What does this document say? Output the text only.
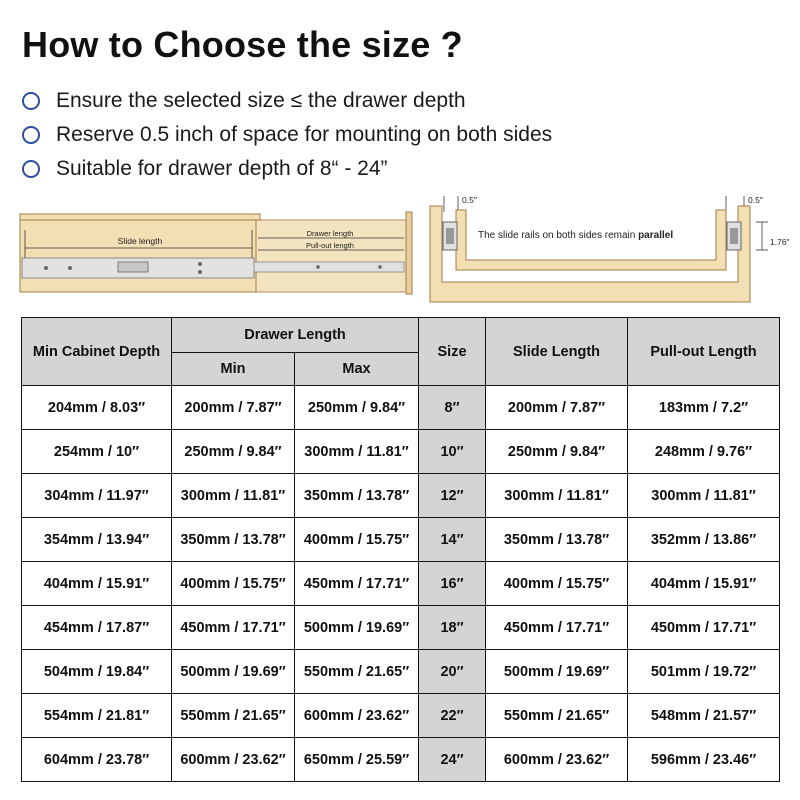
How to Choose the size ?
Ensure the selected size ≤ the drawer depth
Reserve 0.5 inch of space for mounting on both sides
Suitable for drawer depth of 8“ - 24”
Slide length
Drawer length
Pull-out length
0.5″	0.5″
1.76″
The slide rails on both sides remain parallel
Min Cabinet Depth	Drawer Length		Size	Slide Length	Pull-out Length
	Min	Max			
204mm / 8.03″	200mm / 7.87″	250mm / 9.84″	8″	200mm / 7.87″	183mm / 7.2″
254mm / 10″	250mm / 9.84″	300mm / 11.81″	10″	250mm / 9.84″	248mm / 9.76″
304mm / 11.97″	300mm / 11.81″	350mm / 13.78″	12″	300mm / 11.81″	300mm / 11.81″
354mm / 13.94″	350mm / 13.78″	400mm / 15.75″	14″	350mm / 13.78″	352mm / 13.86″
404mm / 15.91″	400mm / 15.75″	450mm / 17.71″	16″	400mm / 15.75″	404mm / 15.91″
454mm / 17.87″	450mm / 17.71″	500mm / 19.69″	18″	450mm / 17.71″	450mm / 17.71″
504mm / 19.84″	500mm / 19.69″	550mm / 21.65″	20″	500mm / 19.69″	501mm / 19.72″
554mm / 21.81″	550mm / 21.65″	600mm / 23.62″	22″	550mm / 21.65″	548mm / 21.57″
604mm / 23.78″	600mm / 23.62″	650mm / 25.59″	24″	600mm / 23.62″	596mm / 23.46″
